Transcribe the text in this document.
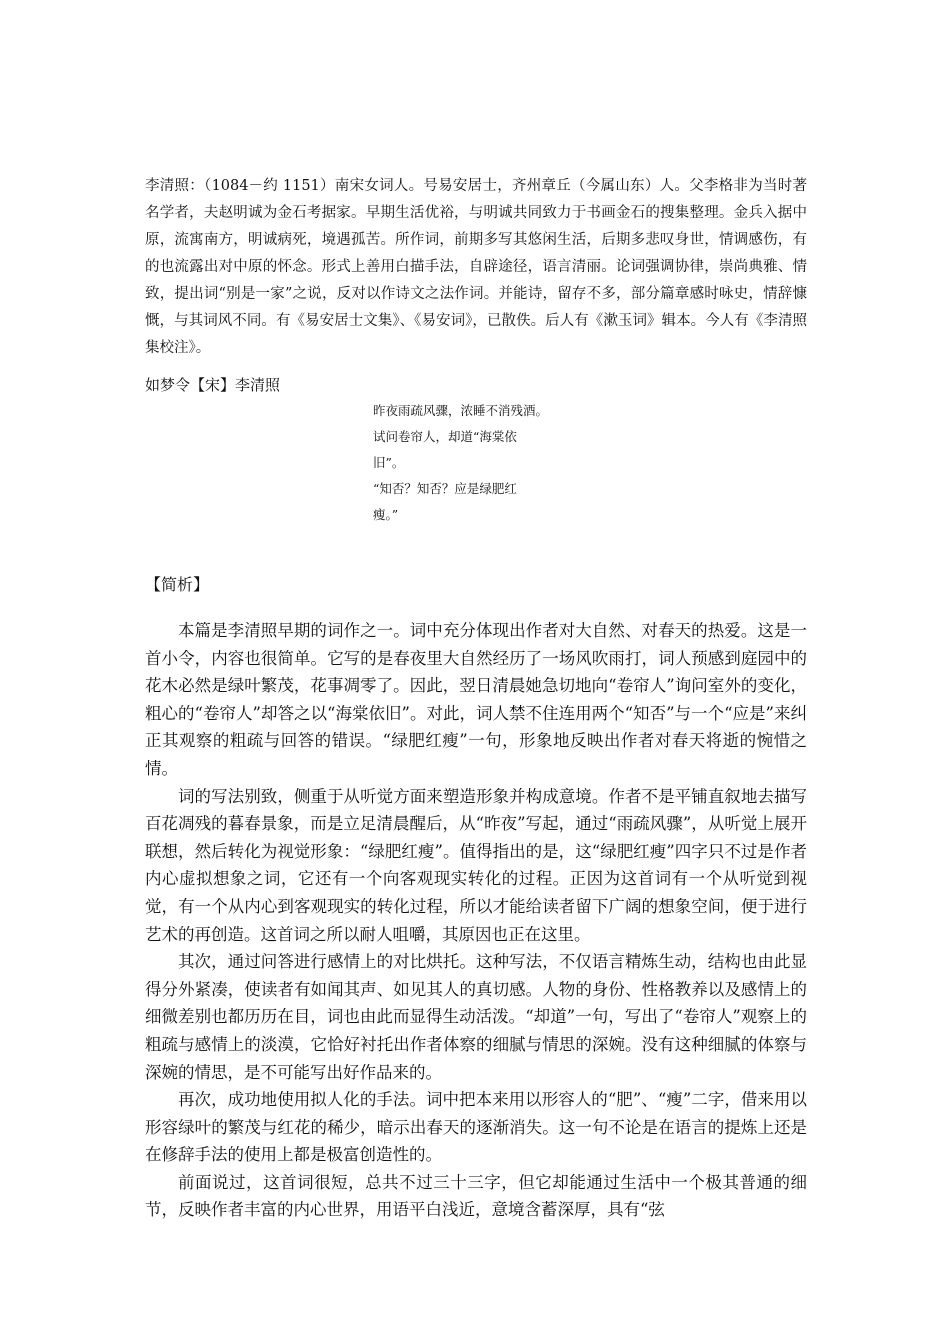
李清照：（1084－约 1151）南宋女词人。号易安居士，齐州章丘（今属山东）人。父李格非为当时著名学者，夫赵明诚为金石考据家。早期生活优裕，与明诚共同致力于书画金石的搜集整理。金兵入据中原，流寓南方，明诚病死，境遇孤苦。所作词，前期多写其悠闲生活，后期多悲叹身世，情调感伤，有的也流露出对中原的怀念。形式上善用白描手法，自辟途径，语言清丽。论词强调协律，崇尚典雅、情致，提出词“别是一家”之说，反对以作诗文之法作词。并能诗，留存不多，部分篇章感时咏史，情辞慷慨，与其词风不同。有《易安居士文集》、《易安词》，已散佚。后人有《漱玉词》辑本。今人有《李清照集校注》。
如梦令【宋】李清照
昨夜雨疏风骤，浓睡不消残酒。
试问卷帘人，却道“海棠依
旧”。
“知否？知否？应是绿肥红
瘦。”
【简析】

本篇是李清照早期的词作之一。词中充分体现出作者对大自然、对春天的热爱。这是一首小令，内容也很简单。它写的是春夜里大自然经历了一场风吹雨打，词人预感到庭园中的花木必然是绿叶繁茂，花事凋零了。因此，翌日清晨她急切地向“卷帘人”询问室外的变化，粗心的“卷帘人”却答之以“海棠依旧”。对此，词人禁不住连用两个“知否”与一个“应是”来纠正其观察的粗疏与回答的错误。“绿肥红瘦”一句，形象地反映出作者对春天将逝的惋惜之情。

词的写法别致，侧重于从听觉方面来塑造形象并构成意境。作者不是平铺直叙地去描写百花凋残的暮春景象，而是立足清晨醒后，从“昨夜”写起，通过“雨疏风骤”，从听觉上展开联想，然后转化为视觉形象：“绿肥红瘦”。值得指出的是，这“绿肥红瘦”四字只不过是作者内心虚拟想象之词，它还有一个向客观现实转化的过程。正因为这首词有一个从听觉到视觉，有一个从内心到客观现实的转化过程，所以才能给读者留下广阔的想象空间，便于进行艺术的再创造。这首词之所以耐人咀嚼，其原因也正在这里。

其次，通过问答进行感情上的对比烘托。这种写法，不仅语言精炼生动，结构也由此显得分外紧凑，使读者有如闻其声、如见其人的真切感。人物的身份、性格教养以及感情上的细微差别也都历历在目，词也由此而显得生动活泼。“却道”一句，写出了“卷帘人”观察上的粗疏与感情上的淡漠，它恰好衬托出作者体察的细腻与情思的深婉。没有这种细腻的体察与深婉的情思，是不可能写出好作品来的。

再次，成功地使用拟人化的手法。词中把本来用以形容人的“肥”、“瘦”二字，借来用以形容绿叶的繁茂与红花的稀少，暗示出春天的逐渐消失。这一句不论是在语言的提炼上还是在修辞手法的使用上都是极富创造性的。

前面说过，这首词很短，总共不过三十三字，但它却能通过生活中一个极其普通的细节，反映作者丰富的内心世界，用语平白浅近，意境含蓄深厚，具有“弦
